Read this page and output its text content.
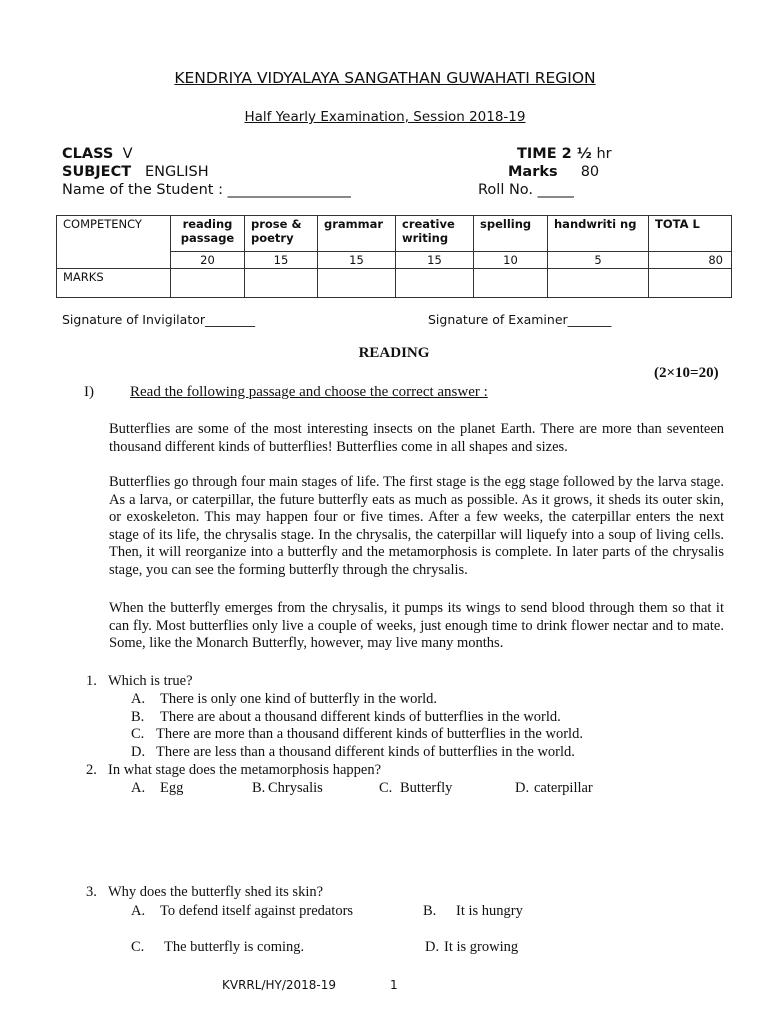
KENDRIYA VIDYALAYA SANGATHAN GUWAHATI REGION
Half Yearly Examination, Session 2018-19
CLASS V
SUBJECT ENGLISH
Name of the Student : _________________
TIME 2 ½ hr
Marks 80
Roll No. _____
COMPETENCY	reading passage	prose & poetry	grammar	creative writing	spelling	handwriti ng	TOTA L
	20	15	15	15	10	5	80
MARKS							
Signature of Invigilator________	Signature of Examiner_______
READING
(2×10=20)
I) Read the following passage and choose the correct answer :
Butterflies are some of the most interesting insects on the planet Earth. There are more than seventeen thousand different kinds of butterflies! Butterflies come in all shapes and sizes.
Butterflies go through four main stages of life. The first stage is the egg stage followed by the larva stage. As a larva, or caterpillar, the future butterfly eats as much as possible. As it grows, it sheds its outer skin, or exoskeleton. This may happen four or five times. After a few weeks, the caterpillar enters the next stage of its life, the chrysalis stage. In the chrysalis, the caterpillar will liquefy into a soup of living cells. Then, it will reorganize into a butterfly and the metamorphosis is complete. In later parts of the chrysalis stage, you can see the forming butterfly through the chrysalis.
When the butterfly emerges from the chrysalis, it pumps its wings to send blood through them so that it can fly. Most butterflies only live a couple of weeks, just enough time to drink flower nectar and to mate. Some, like the Monarch Butterfly, however, may live many months.
1. Which is true?
A. There is only one kind of butterfly in the world.
B. There are about a thousand different kinds of butterflies in the world.
C. There are more than a thousand different kinds of butterflies in the world.
D. There are less than a thousand different kinds of butterflies in the world.
2. In what stage does the metamorphosis happen?
A. Egg	B. Chrysalis	C. Butterfly	D. caterpillar
3. Why does the butterfly shed its skin?
A. To defend itself against predators	B. It is hungry
C. The butterfly is coming.	D. It is growing
KVRRL/HY/2018-19	1
